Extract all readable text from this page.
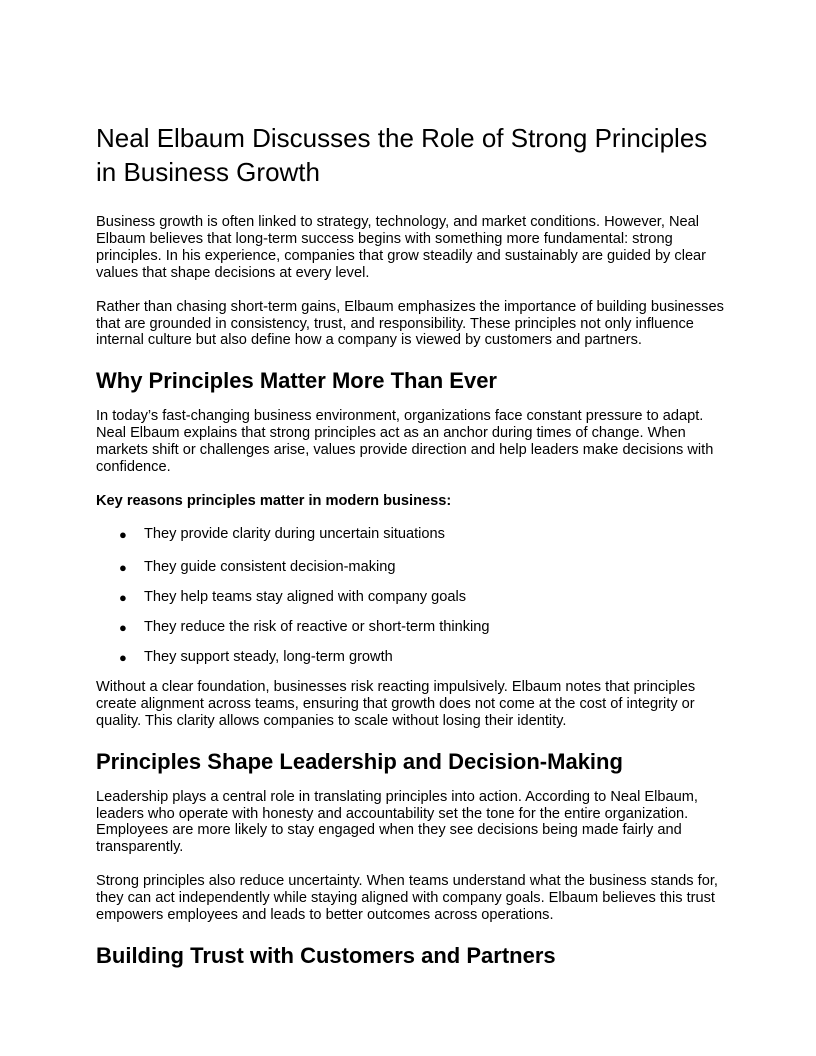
Neal Elbaum Discusses the Role of Strong Principles in Business Growth

Business growth is often linked to strategy, technology, and market conditions. However, Neal Elbaum believes that long-term success begins with something more fundamental: strong principles. In his experience, companies that grow steadily and sustainably are guided by clear values that shape decisions at every level.

Rather than chasing short-term gains, Elbaum emphasizes the importance of building businesses that are grounded in consistency, trust, and responsibility. These principles not only influence internal culture but also define how a company is viewed by customers and partners.

Why Principles Matter More Than Ever

In today’s fast-changing business environment, organizations face constant pressure to adapt. Neal Elbaum explains that strong principles act as an anchor during times of change. When markets shift or challenges arise, values provide direction and help leaders make decisions with confidence.

Key reasons principles matter in modern business:

● They provide clarity during uncertain situations
● They guide consistent decision-making
● They help teams stay aligned with company goals
● They reduce the risk of reactive or short-term thinking
● They support steady, long-term growth

Without a clear foundation, businesses risk reacting impulsively. Elbaum notes that principles create alignment across teams, ensuring that growth does not come at the cost of integrity or quality. This clarity allows companies to scale without losing their identity.

Principles Shape Leadership and Decision-Making

Leadership plays a central role in translating principles into action. According to Neal Elbaum, leaders who operate with honesty and accountability set the tone for the entire organization. Employees are more likely to stay engaged when they see decisions being made fairly and transparently.

Strong principles also reduce uncertainty. When teams understand what the business stands for, they can act independently while staying aligned with company goals. Elbaum believes this trust empowers employees and leads to better outcomes across operations.

Building Trust with Customers and Partners
